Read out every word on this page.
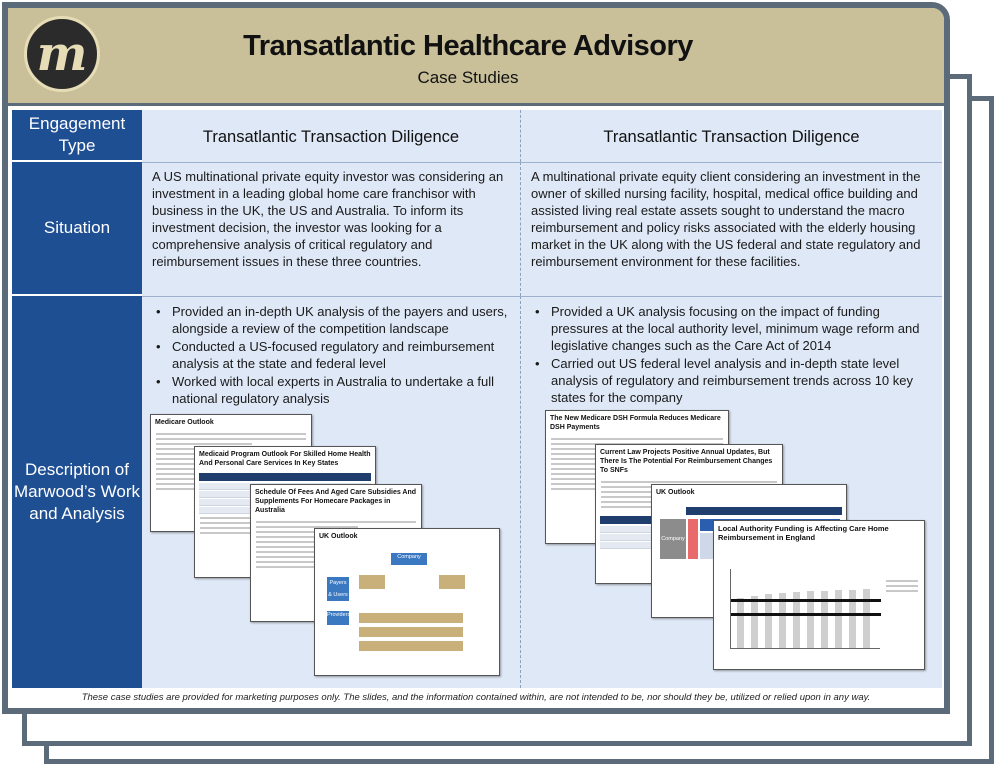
m	Transatlantic Healthcare Advisory
Case Studies
Engagement Type
Situation
Description of Marwood’s Work and Analysis
Transatlantic Transaction Diligence	Transatlantic Transaction Diligence
A US multinational private equity investor was considering an investment in a leading global home care franchisor with business in the UK, the US and Australia. To inform its investment decision, the investor was looking for a comprehensive analysis of critical regulatory and reimbursement issues in these three countries.
A multinational private equity client considering an investment in the owner of skilled nursing facility, hospital, medical office building and assisted living real estate assets sought to understand the macro reimbursement and policy risks associated with the elderly housing market in the UK along with the US federal and state regulatory and reimbursement environment for these facilities.
• Provided an in-depth UK analysis of the payers and users, alongside a review of the competition landscape
• Conducted a US-focused regulatory and reimbursement analysis at the state and federal level
• Worked with local experts in Australia to undertake a full national regulatory analysis
Medicare Outlook
Medicaid Program Outlook For Skilled Home Health And Personal Care Services In Key States
Schedule Of Fees And Aged Care Subsidies And Supplements For Homecare Packages in Australia
UK Outlook
Company
Payers & Users
Providers
• Provided a UK analysis focusing on the impact of funding pressures at the local authority level, minimum wage reform and legislative changes such as the Care Act of 2014
• Carried out US federal level analysis and in-depth state level analysis of regulatory and reimbursement trends across 10 key states for the company
The New Medicare DSH Formula Reduces Medicare DSH Payments
Current Law Projects Positive Annual Updates, But There Is The Potential For Reimbursement Changes To SNFs
UK Outlook
Company
Local Authority Funding is Affecting Care Home Reimbursement in England
These case studies are provided for marketing purposes only. The slides, and the information contained within, are not intended to be, nor should they be, utilized or relied upon in any way.
